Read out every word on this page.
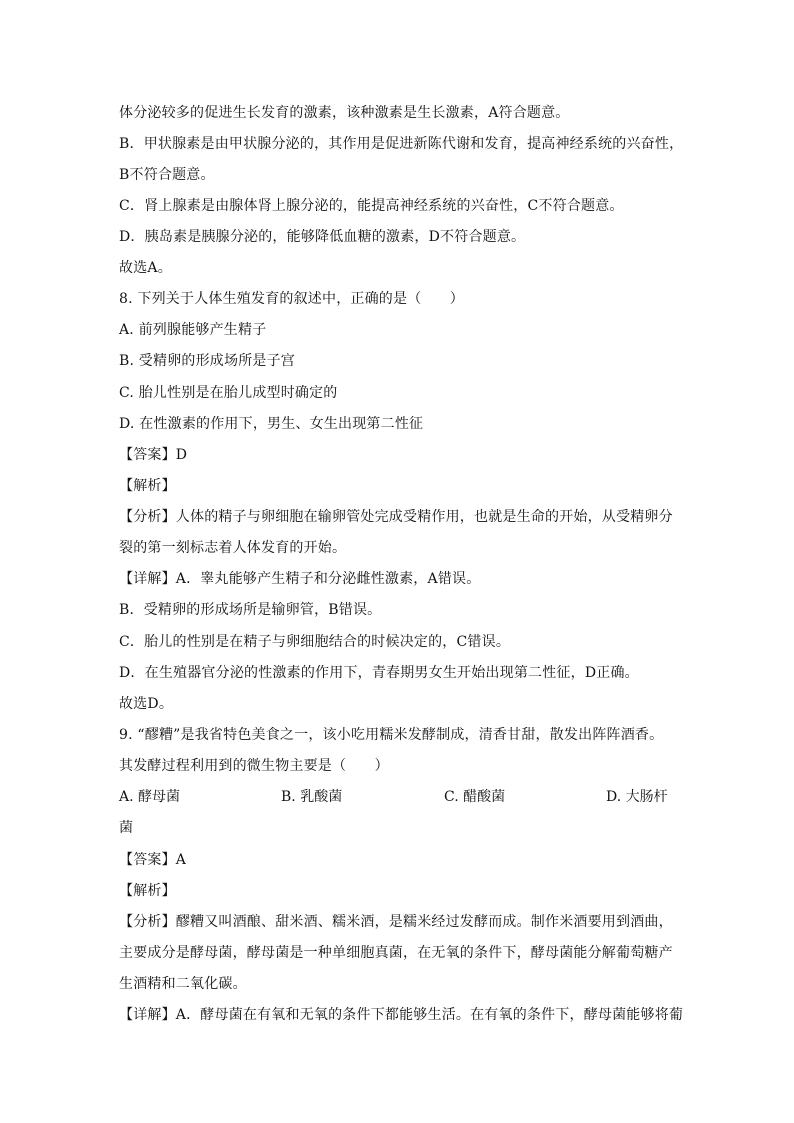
体分泌较多的促进生长发育的激素，该种激素是生长激素，A符合题意。
B．甲状腺素是由甲状腺分泌的，其作用是促进新陈代谢和发育，提高神经系统的兴奋性，
B不符合题意。
C．肾上腺素是由腺体肾上腺分泌的，能提高神经系统的兴奋性，C不符合题意。
D．胰岛素是胰腺分泌的，能够降低血糖的激素，D不符合题意。
故选A。
8. 下列关于人体生殖发育的叙述中，正确的是（　　）
A. 前列腺能够产生精子
B. 受精卵的形成场所是子宫
C. 胎儿性别是在胎儿成型时确定的
D. 在性激素的作用下，男生、女生出现第二性征
【答案】D
【解析】
【分析】人体的精子与卵细胞在输卵管处完成受精作用，也就是生命的开始，从受精卵分
裂的第一刻标志着人体发育的开始。
【详解】A．睾丸能够产生精子和分泌雌性激素，A错误。
B．受精卵的形成场所是输卵管，B错误。
C．胎儿的性别是在精子与卵细胞结合的时候决定的，C错误。
D．在生殖器官分泌的性激素的作用下，青春期男女生开始出现第二性征，D正确。
故选D。
9. “醪糟”是我省特色美食之一，该小吃用糯米发酵制成，清香甘甜，散发出阵阵酒香。
其发酵过程利用到的微生物主要是（　　）
A. 酵母菌	B. 乳酸菌	C. 醋酸菌	D. 大肠杆
菌
【答案】A
【解析】
【分析】醪糟又叫酒酿、甜米酒、糯米酒，是糯米经过发酵而成。制作米酒要用到酒曲，
主要成分是酵母菌，酵母菌是一种单细胞真菌，在无氧的条件下，酵母菌能分解葡萄糖产
生酒精和二氧化碳。
【详解】A．酵母菌在有氧和无氧的条件下都能够生活。在有氧的条件下，酵母菌能够将葡
